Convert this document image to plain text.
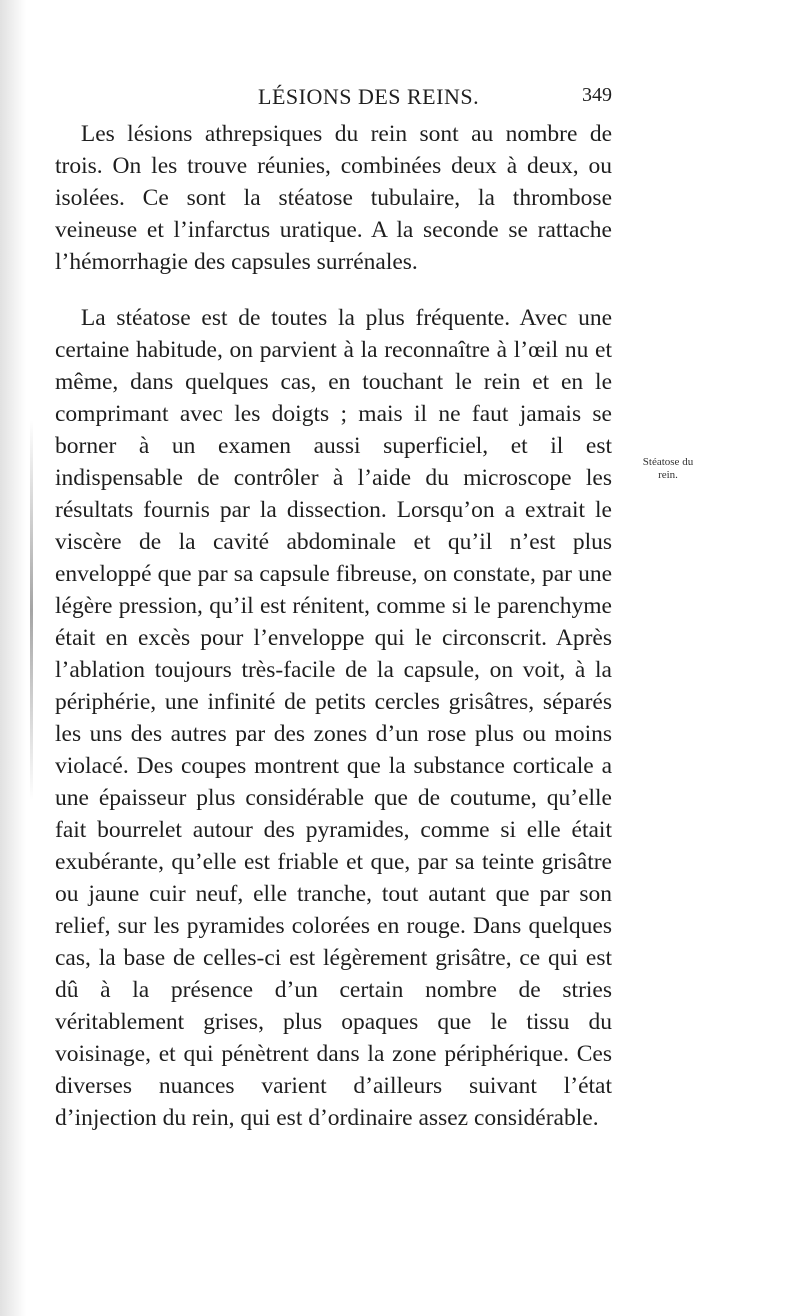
LÉSIONS DES REINS.	349

Les lésions athrepsiques du rein sont au nombre de trois. On les trouve réunies, combinées deux à deux, ou isolées. Ce sont la stéatose tubulaire, la thrombose veineuse et l’infarctus uratique. A la seconde se rattache l’hémorrhagie des capsules surrénales.

La stéatose est de toutes la plus fréquente. Avec une certaine habitude, on parvient à la reconnaître à l’œil nu et même, dans quelques cas, en touchant le rein et en le comprimant avec les doigts ; mais il ne faut jamais se borner à un examen aussi superficiel, et il est indispensable de contrôler à l’aide du microscope les résultats fournis par la dissection. Lorsqu’on a extrait le viscère de la cavité abdominale et qu’il n’est plus enveloppé que par sa capsule fibreuse, on constate, par une légère pression, qu’il est rénitent, comme si le parenchyme était en excès pour l’enveloppe qui le circonscrit. Après l’ablation toujours très-facile de la capsule, on voit, à la périphérie, une infinité de petits cercles grisâtres, séparés les uns des autres par des zones d’un rose plus ou moins violacé. Des coupes montrent que la substance corticale a une épaisseur plus considérable que de coutume, qu’elle fait bourrelet autour des pyramides, comme si elle était exubérante, qu’elle est friable et que, par sa teinte grisâtre ou jaune cuir neuf, elle tranche, tout autant que par son relief, sur les pyramides colorées en rouge. Dans quelques cas, la base de celles-ci est légèrement grisâtre, ce qui est dû à la présence d’un certain nombre de stries véritablement grises, plus opaques que le tissu du voisinage, et qui pénètrent dans la zone périphérique. Ces diverses nuances varient d’ailleurs suivant l’état d’injection du rein, qui est d’ordinaire assez considérable.

Stéatose du rein.
